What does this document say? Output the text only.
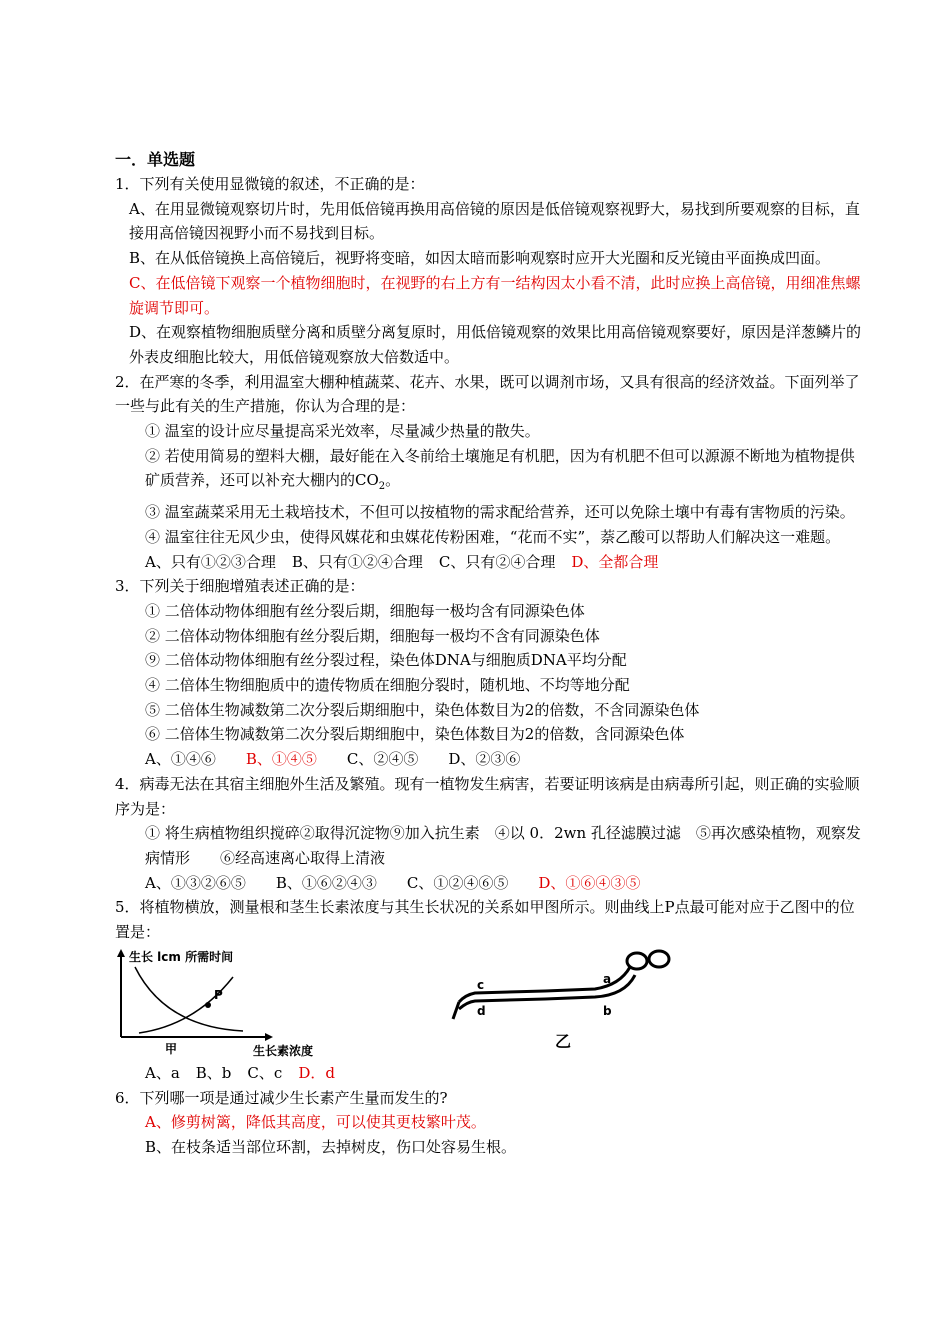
一．单选题
1．下列有关使用显微镜的叙述，不正确的是：
A、在用显微镜观察切片时，先用低倍镜再换用高倍镜的原因是低倍镜观察视野大，易找到所要观察的目标，直接用高倍镜因视野小而不易找到目标。
B、在从低倍镜换上高倍镜后，视野将变暗，如因太暗而影响观察时应开大光圈和反光镜由平面换成凹面。
C、在低倍镜下观察一个植物细胞时，在视野的右上方有一结构因太小看不清，此时应换上高倍镜，用细准焦螺旋调节即可。
D、在观察植物细胞质壁分离和质壁分离复原时，用低倍镜观察的效果比用高倍镜观察要好，原因是洋葱鳞片的外表皮细胞比较大，用低倍镜观察放大倍数适中。
2．在严寒的冬季，利用温室大棚种植蔬菜、花卉、水果，既可以调剂市场，又具有很高的经济效益。下面列举了一些与此有关的生产措施，你认为合理的是：
① 温室的设计应尽量提高采光效率，尽量减少热量的散失。
② 若使用简易的塑料大棚，最好能在入冬前给土壤施足有机肥，因为有机肥不但可以源源不断地为植物提供矿质营养，还可以补充大棚内的$CO_2$。
③ 温室蔬菜采用无土栽培技术，不但可以按植物的需求配给营养，还可以免除土壤中有毒有害物质的污染。
④ 温室往往无风少虫，使得风媒花和虫媒花传粉困难，“花而不实”，萘乙酸可以帮助人们解决这一难题。
A、只有①②③合理 B、只有①②④合理 C、只有②④合理 D、全都合理
3．下列关于细胞增殖表述正确的是：
① 二倍体动物体细胞有丝分裂后期，细胞每一极均含有同源染色体
② 二倍体动物体细胞有丝分裂后期，细胞每一极均不含有同源染色体
⑨ 二倍体动物体细胞有丝分裂过程，染色体DNA与细胞质DNA平均分配
④ 二倍体生物细胞质中的遗传物质在细胞分裂时，随机地、不均等地分配
⑤ 二倍体生物减数第二次分裂后期细胞中，染色体数目为2的倍数，不含同源染色体
⑥ 二倍体生物减数第二次分裂后期细胞中，染色体数目为2的倍数，含同源染色体
A、①④⑥ B、①④⑤ C、②④⑤ D、②③⑥
4．病毒无法在其宿主细胞外生活及繁殖。现有一植物发生病害，若要证明该病是由病毒所引起，则正确的实验顺序为是：
① 将生病植物组织搅碎②取得沉淀物⑨加入抗生素　④以 0．2wn 孔径滤膜过滤　⑤再次感染植物，观察发病情形　　⑥经高速离心取得上清液
A、①③②⑥⑤ B、①⑥②④③ C、①②④⑥⑤ D、①⑥④③⑤
5．将植物横放，测量根和茎生长素浓度与其生长状况的关系如甲图所示。则曲线上P点最可能对应于乙图中的位置是：
生长 lcm 所需时间
P
甲	生长素浓度
a
b
c
d
乙
A、a B、b C、c D．d
6．下列哪一项是通过减少生长素产生量而发生的?
A、修剪树篱，降低其高度，可以使其更枝繁叶茂。
B、在枝条适当部位环割，去掉树皮，伤口处容易生根。
